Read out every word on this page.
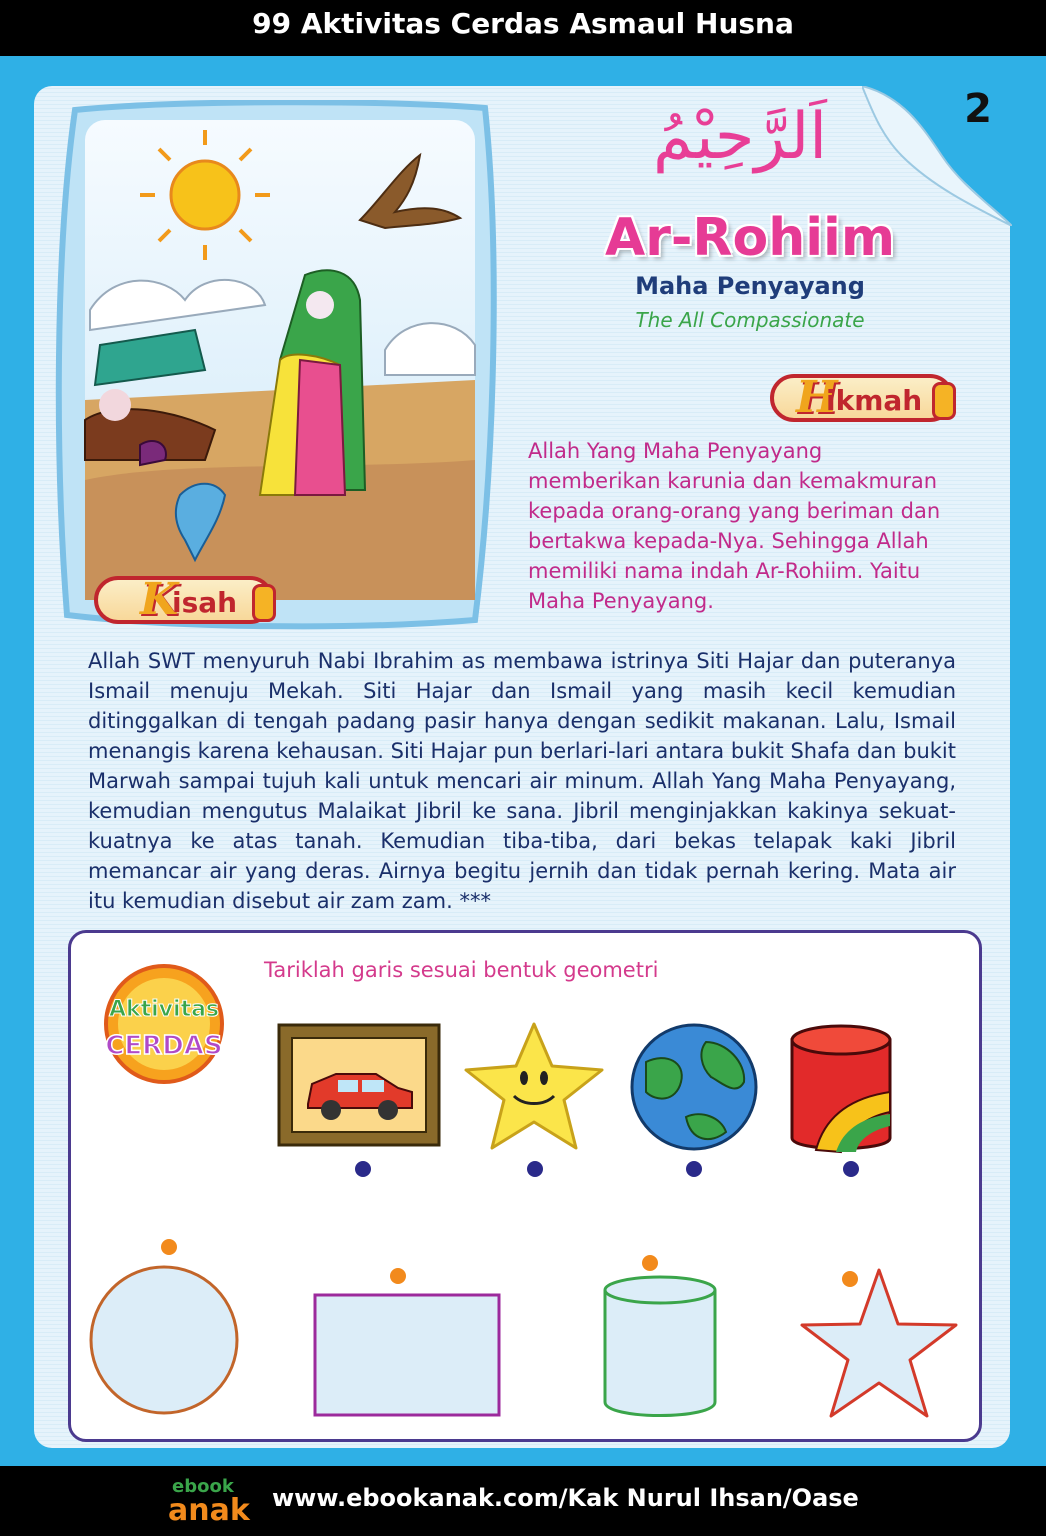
99 Aktivitas Cerdas Asmaul Husna
2
اَلرَّحِيْمُ
Ar-Rohiim
Maha Penyayang
The All Compassionate
H
ikmah
Allah Yang Maha Penyayang memberikan karunia dan kemakmuran kepada orang-orang yang beriman dan bertakwa kepada-Nya. Sehingga Allah memiliki nama indah Ar-Rohiim. Yaitu Maha Penyayang.
K
isah
Allah SWT menyuruh Nabi Ibrahim as membawa istrinya Siti Hajar dan puteranya Ismail menuju Mekah. Siti Hajar dan Ismail yang masih kecil kemudian ditinggalkan di tengah padang pasir hanya dengan sedikit makanan. Lalu, Ismail menangis karena kehausan. Siti Hajar pun berlari-lari antara bukit Shafa dan bukit Marwah sampai tujuh kali untuk mencari air minum. Allah Yang Maha Penyayang, kemudian mengutus Malaikat Jibril ke sana. Jibril menginjakkan kakinya sekuat-kuatnya ke atas tanah. Kemudian tiba-tiba, dari bekas telapak kaki Jibril memancar air yang deras. Airnya begitu jernih dan tidak pernah kering. Mata air itu kemudian disebut air zam zam. ***
Aktivitas
CERDAS
Tariklah garis sesuai bentuk geometri
ebook
anak www.ebookanak.com/Kak Nurul Ihsan/Oase
